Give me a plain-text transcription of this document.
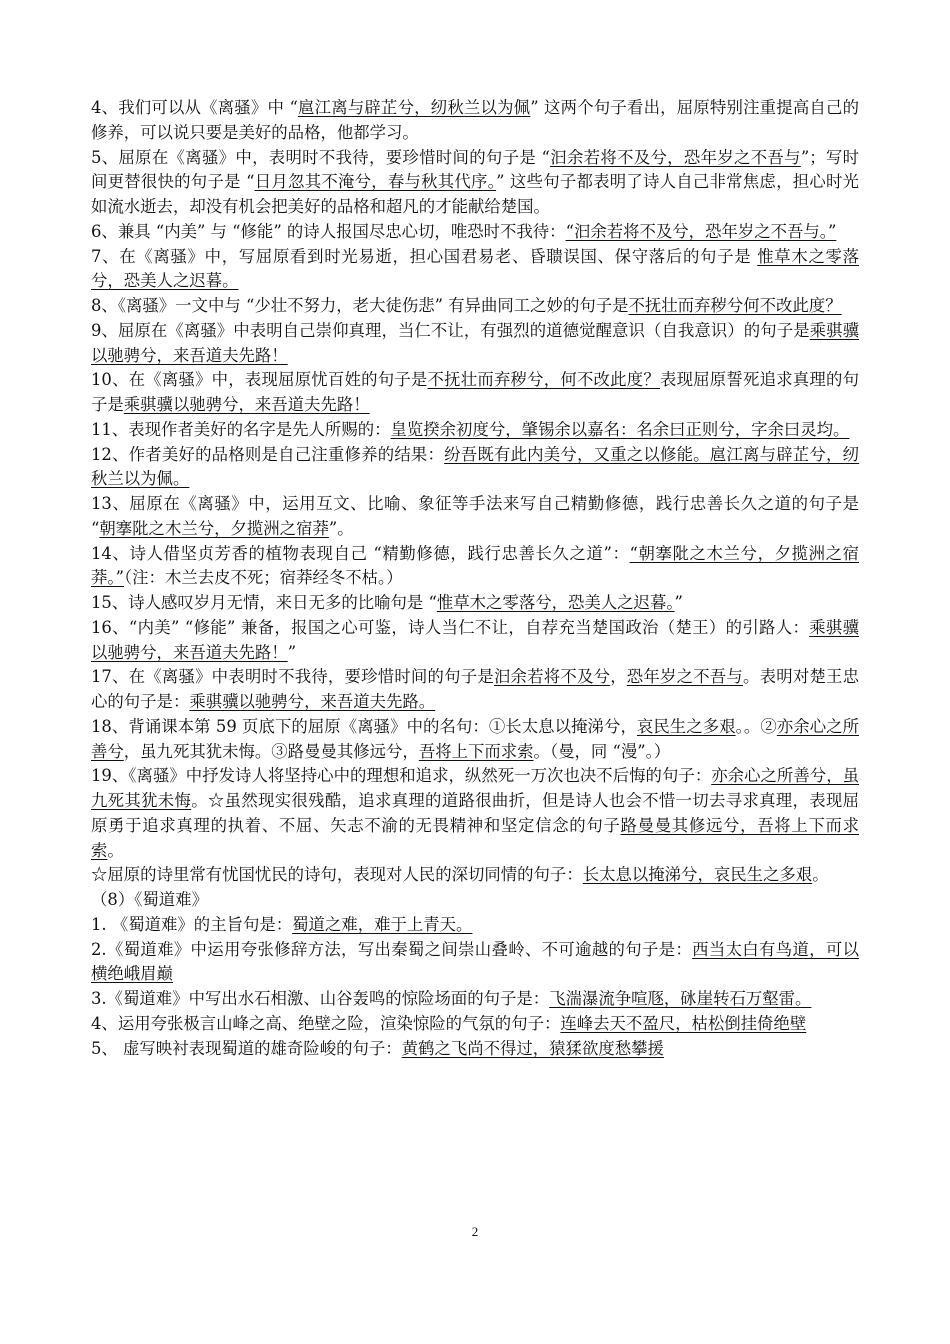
4、我们可以从《离骚》中 “扈江离与辟芷兮，纫秋兰以为佩” 这两个句子看出，屈原特别注重提高自己的修养，可以说只要是美好的品格，他都学习。

5、屈原在《离骚》中，表明时不我待，要珍惜时间的句子是 “汩余若将不及兮，恐年岁之不吾与”；写时间更替很快的句子是 “日月忽其不淹兮，春与秋其代序。” 这些句子都表明了诗人自己非常焦虑，担心时光如流水逝去，却没有机会把美好的品格和超凡的才能献给楚国。

6、兼具 “内美” 与 “修能” 的诗人报国尽忠心切，唯恐时不我待：“汩余若将不及兮，恐年岁之不吾与。”

7、在《离骚》中，写屈原看到时光易逝，担心国君易老、昏聩误国、保守落后的句子是 惟草木之零落兮，恐美人之迟暮。

8、《离骚》一文中与 “少壮不努力，老大徒伤悲” 有异曲同工之妙的句子是不抚壮而弃秽兮何不改此度？

9、屈原在《离骚》中表明自己崇仰真理，当仁不让，有强烈的道德觉醒意识（自我意识）的句子是乘骐骥以驰骋兮，来吾道夫先路！

10、在《离骚》中，表现屈原忧百姓的句子是不抚壮而弃秽兮，何不改此度？表现屈原誓死追求真理的句子是乘骐骥以驰骋兮，来吾道夫先路！

11、表现作者美好的名字是先人所赐的：皇览揆余初度兮，肇锡余以嘉名：名余曰正则兮，字余曰灵均。

12、作者美好的品格则是自己注重修养的结果：纷吾既有此内美兮，又重之以修能。扈江离与辟芷兮，纫秋兰以为佩。

13、屈原在《离骚》中，运用互文、比喻、象征等手法来写自己精勤修德，践行忠善长久之道的句子是 “朝搴阰之木兰兮，夕揽洲之宿莽”。

14、诗人借坚贞芳香的植物表现自己 “精勤修德，践行忠善长久之道”：“朝搴阰之木兰兮，夕揽洲之宿莽。”（注：木兰去皮不死；宿莽经冬不枯。）

15、诗人感叹岁月无情，来日无多的比喻句是 “惟草木之零落兮，恐美人之迟暮。”

16、“内美” “修能” 兼备，报国之心可鉴，诗人当仁不让，自荐充当楚国政治（楚王）的引路人：乘骐骥以驰骋兮，来吾道夫先路！”

17、在《离骚》中表明时不我待，要珍惜时间的句子是汩余若将不及兮，恐年岁之不吾与。表明对楚王忠心的句子是：乘骐骥以驰骋兮，来吾道夫先路。

18、背诵课本第 59 页底下的屈原《离骚》中的名句：①长太息以掩涕兮，哀民生之多艰。。②亦余心之所善兮，虽九死其犹未悔。③路曼曼其修远兮，吾将上下而求索。（曼，同 “漫”。）

19、《离骚》中抒发诗人将坚持心中的理想和追求，纵然死一万次也决不后悔的句子：亦余心之所善兮，虽九死其犹未悔。☆虽然现实很残酷，追求真理的道路很曲折，但是诗人也会不惜一切去寻求真理，表现屈原勇于追求真理的执着、不屈、矢志不渝的无畏精神和坚定信念的句子路曼曼其修远兮，吾将上下而求索。

☆屈原的诗里常有忧国忧民的诗句，表现对人民的深切同情的句子：长太息以掩涕兮，哀民生之多艰。

（8）《蜀道难》

1. 《蜀道难》的主旨句是：蜀道之难，难于上青天。

2.《蜀道难》中运用夸张修辞方法，写出秦蜀之间崇山叠岭、不可逾越的句子是：西当太白有鸟道，可以横绝峨眉巅

3.《蜀道难》中写出水石相激、山谷轰鸣的惊险场面的句子是：飞湍瀑流争喧豗，砯崖转石万壑雷。

4、运用夸张极言山峰之高、绝壁之险，渲染惊险的气氛的句子：连峰去天不盈尺，枯松倒挂倚绝壁

5、 虚写映衬表现蜀道的雄奇险峻的句子：黄鹤之飞尚不得过，猿猱欲度愁攀援

2
